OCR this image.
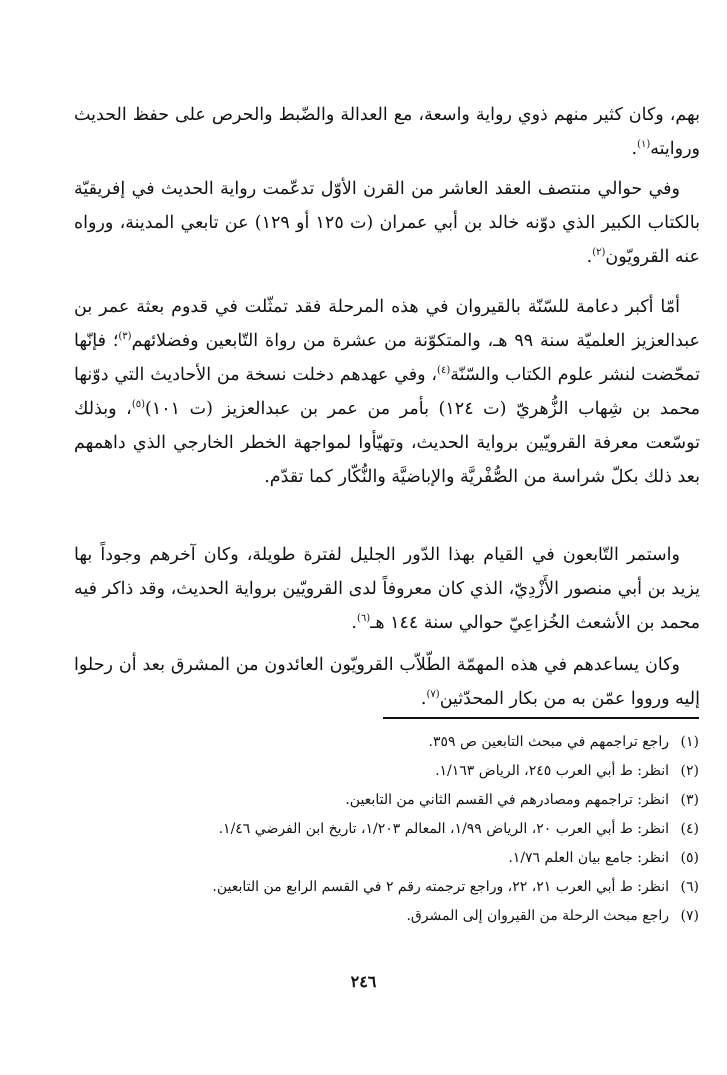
بهم، وكان كثير منهم ذوي رواية واسعة، مع العدالة والضّبط والحرص على حفظ الحديث وروايته$^{(١)}$.

وفي حوالي منتصف العقد العاشر من القرن الأوّل تدعّمت رواية الحديث في إفريقيّة بالكتاب الكبير الذي دوّنه خالد بن أبي عمران (ت ١٢٥ أو ١٢٩) عن تابعي المدينة، ورواه عنه القرويّون$^{(٢)}$.

أمّا أكبر دعامة للسّنّة بالقيروان في هذه المرحلة فقد تمثّلت في قدوم بعثة عمر بن عبدالعزيز العلميّة سنة ٩٩ هـ، والمتكوّنة من عشرة من رواة التّابعين وفضلائهم$^{(٣)}$؛ فإنّها تمحّضت لنشر علوم الكتاب والسّنّة$^{(٤)}$، وفي عهدهم دخلت نسخة من الأحاديث التي دوّنها محمد بن شِهاب الزُّهريّ (ت ١٢٤) بأمر من عمر بن عبدالعزيز (ت ١٠١)$^{(٥)}$، وبذلك توسّعت معرفة القرويّين برواية الحديث، وتهيّأوا لمواجهة الخطر الخارجي الذي داهمهم بعد ذلك بكلّ شراسة من الصُّفْريَّة والإباضيَّة والنُّكّار كما تقدّم.

واستمر التّابعون في القيام بهذا الدّور الجليل لفترة طويلة، وكان آخرهم وجوداً بها يزيد بن أبي منصور الأَزْدِيّ، الذي كان معروفاً لدى القرويّين برواية الحديث، وقد ذاكر فيه محمد بن الأشعث الخُزاعِيّ حوالي سنة ١٤٤ هـ$^{(٦)}$.

وكان يساعدهم في هذه المهمّة الطّلاّب القرويّون العائدون من المشرق بعد أن رحلوا إليه ورووا عمّن به من بكار المحدّثين$^{(٧)}$.

(١)
راجع تراجمهم في مبحث التابعين ص ٣٥٩.
(٢)
انظر: ط أبي العرب ٢٤٥، الرياض ١/١٦٣.
(٣)
انظر: تراجمهم ومصادرهم في القسم الثاني من التابعين.
(٤)
انظر: ط أبي العرب ٢٠، الرياض ١/٩٩، المعالم ١/٢٠٣، تاريخ ابن الفرضي ١/٤٦.
(٥)
انظر: جامع بيان العلم ١/٧٦.
(٦)
انظر: ط أبي العرب ٢١، ٢٢، وراجع ترجمته رقم ٢ في القسم الرابع من التابعين.
(٧)
راجع مبحث الرحلة من القيروان إلى المشرق.
٢٤٦
